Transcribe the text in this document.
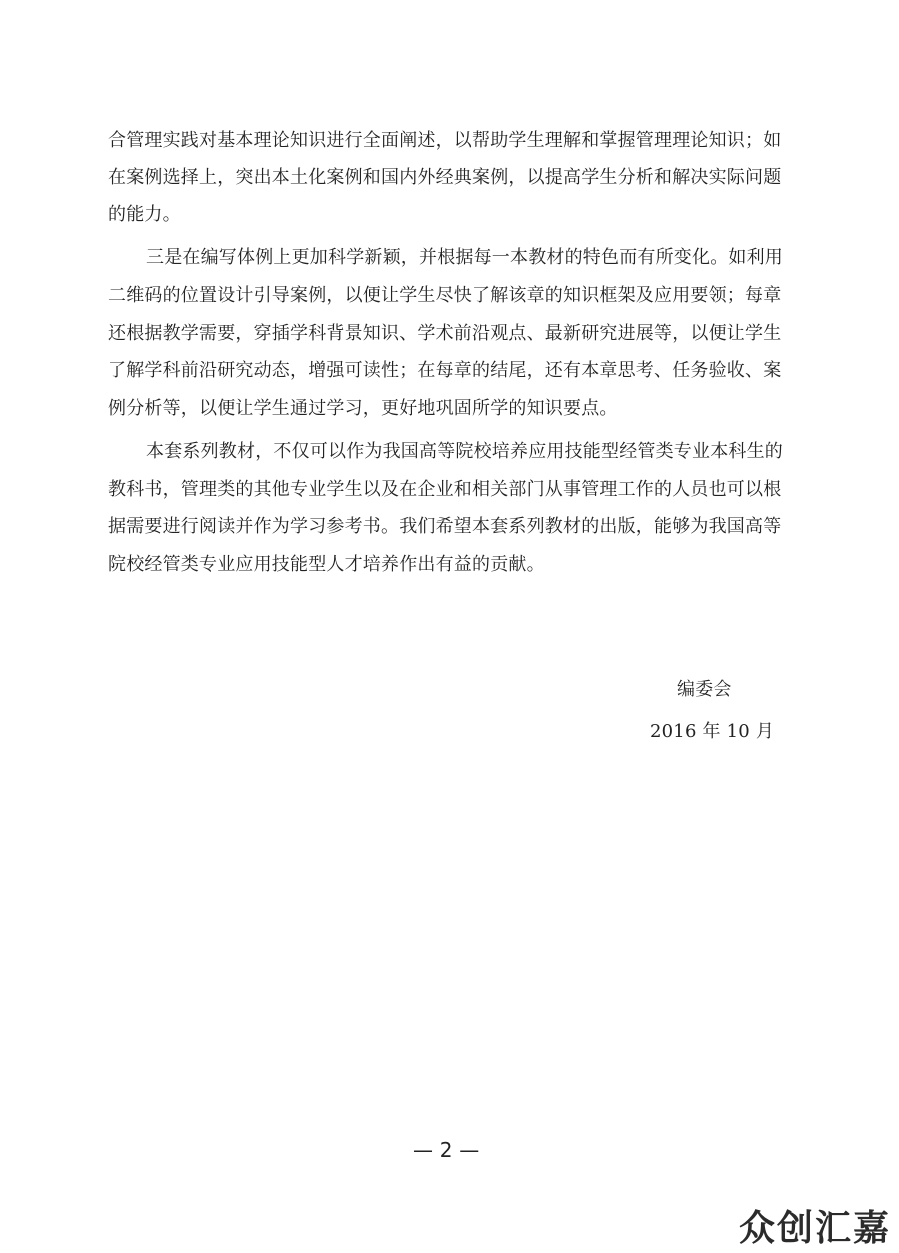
合管理实践对基本理论知识进行全面阐述，以帮助学生理解和掌握管理理论知识；如
在案例选择上，突出本土化案例和国内外经典案例，以提高学生分析和解决实际问题
的能力。
三是在编写体例上更加科学新颖，并根据每一本教材的特色而有所变化。如利用
二维码的位置设计引导案例，以便让学生尽快了解该章的知识框架及应用要领；每章
还根据教学需要，穿插学科背景知识、学术前沿观点、最新研究进展等，以便让学生
了解学科前沿研究动态，增强可读性；在每章的结尾，还有本章思考、任务验收、案
例分析等，以便让学生通过学习，更好地巩固所学的知识要点。
本套系列教材，不仅可以作为我国高等院校培养应用技能型经管类专业本科生的
教科书，管理类的其他专业学生以及在企业和相关部门从事管理工作的人员也可以根
据需要进行阅读并作为学习参考书。我们希望本套系列教材的出版，能够为我国高等
院校经管类专业应用技能型人才培养作出有益的贡献。
编委会
2016 年 10 月
— 2 —
众创汇嘉
